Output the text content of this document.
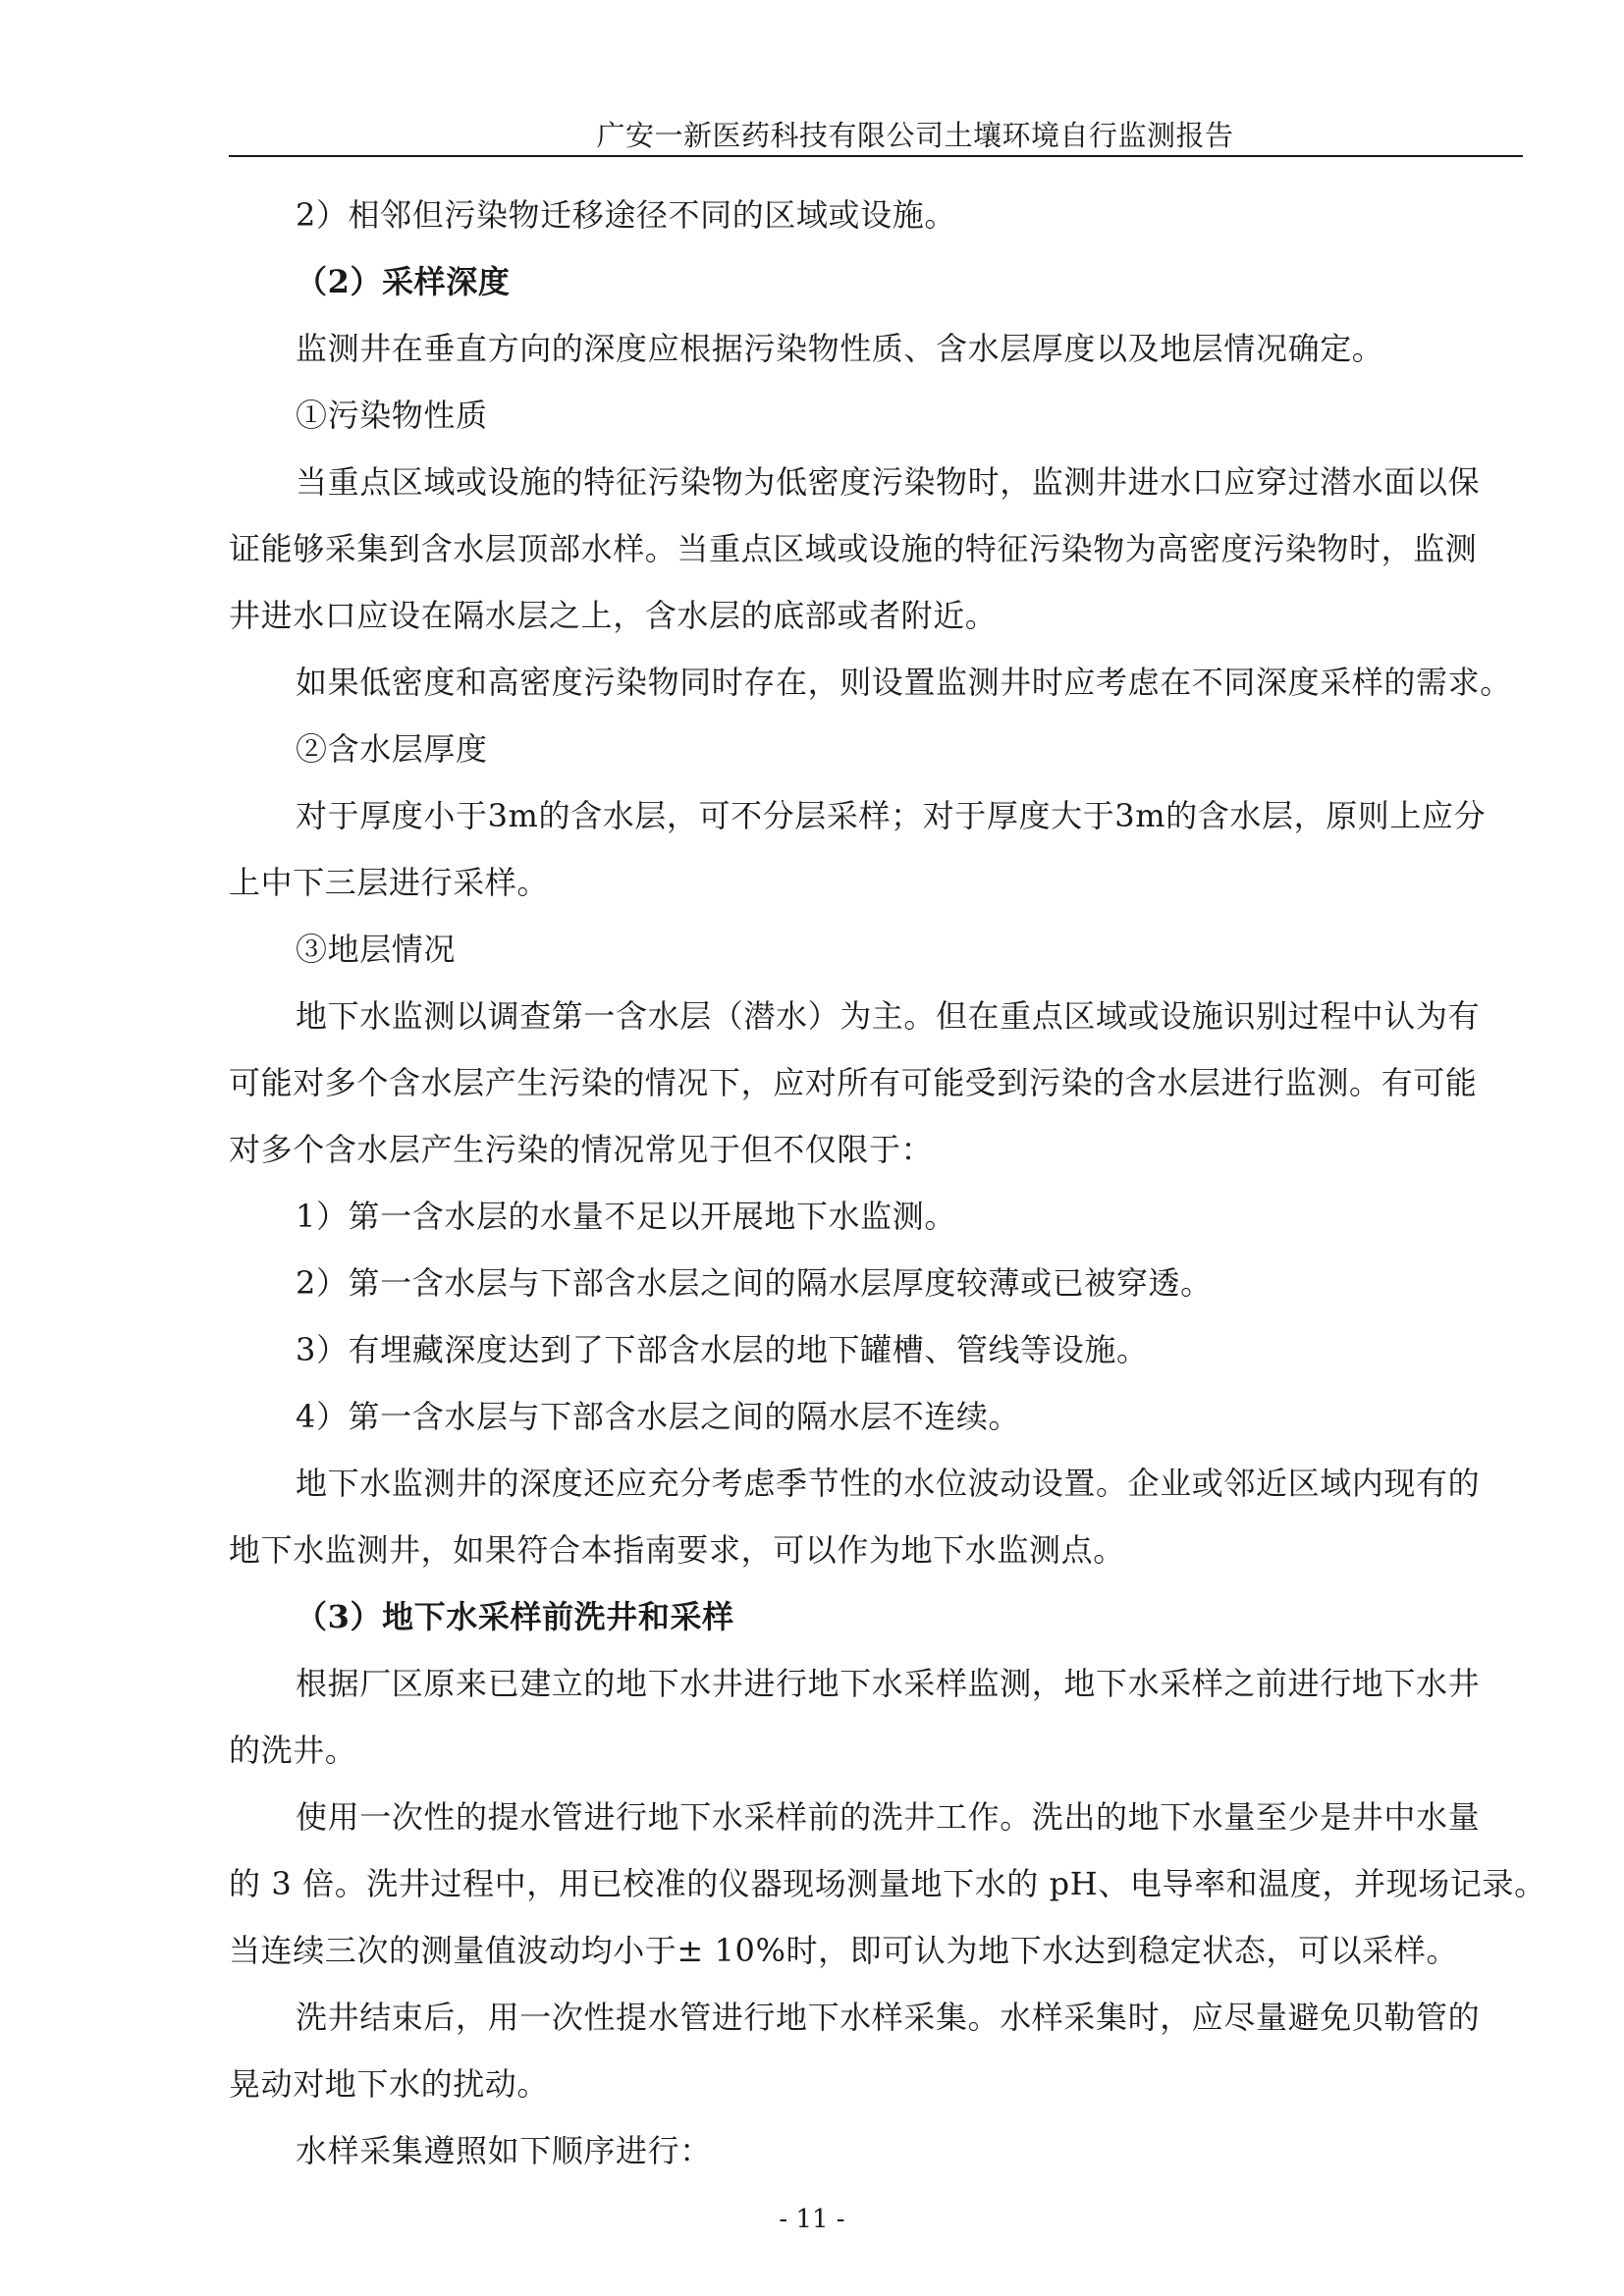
广安一新医药科技有限公司土壤环境自行监测报告

2）相邻但污染物迁移途径不同的区域或设施。

（2）采样深度

监测井在垂直方向的深度应根据污染物性质、含水层厚度以及地层情况确定。

①污染物性质

当重点区域或设施的特征污染物为低密度污染物时，监测井进水口应穿过潜水面以保
证能够采集到含水层顶部水样。当重点区域或设施的特征污染物为高密度污染物时，监测
井进水口应设在隔水层之上，含水层的底部或者附近。

如果低密度和高密度污染物同时存在，则设置监测井时应考虑在不同深度采样的需求。

②含水层厚度

对于厚度小于3m的含水层，可不分层采样；对于厚度大于3m的含水层，原则上应分
上中下三层进行采样。

③地层情况

地下水监测以调查第一含水层（潜水）为主。但在重点区域或设施识别过程中认为有
可能对多个含水层产生污染的情况下，应对所有可能受到污染的含水层进行监测。有可能
对多个含水层产生污染的情况常见于但不仅限于：

1）第一含水层的水量不足以开展地下水监测。

2）第一含水层与下部含水层之间的隔水层厚度较薄或已被穿透。

3）有埋藏深度达到了下部含水层的地下罐槽、管线等设施。

4）第一含水层与下部含水层之间的隔水层不连续。

地下水监测井的深度还应充分考虑季节性的水位波动设置。企业或邻近区域内现有的
地下水监测井，如果符合本指南要求，可以作为地下水监测点。

（3）地下水采样前洗井和采样

根据厂区原来已建立的地下水井进行地下水采样监测，地下水采样之前进行地下水井
的洗井。
使用一次性的提水管进行地下水采样前的洗井工作。洗出的地下水量至少是井中水量
的 3 倍。洗井过程中，用已校准的仪器现场测量地下水的 pH、电导率和温度，并现场记录。
当连续三次的测量值波动均小于± 10%时，即可认为地下水达到稳定状态，可以采样。
洗井结束后，用一次性提水管进行地下水样采集。水样采集时，应尽量避免贝勒管的
晃动对地下水的扰动。

水样采集遵照如下顺序进行：

- 11 -
